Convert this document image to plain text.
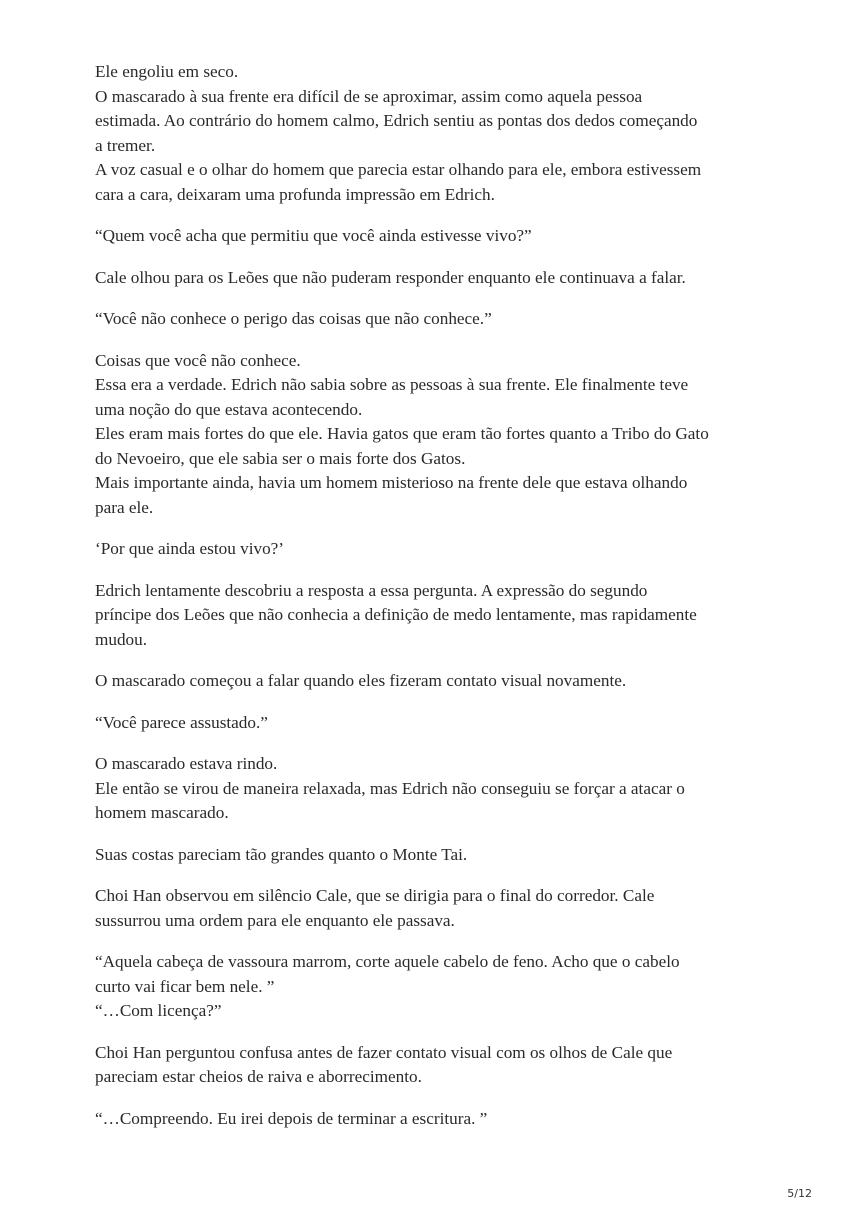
Ele engoliu em seco.
O mascarado à sua frente era difícil de se aproximar, assim como aquela pessoa
estimada. Ao contrário do homem calmo, Edrich sentiu as pontas dos dedos começando
a tremer.
A voz casual e o olhar do homem que parecia estar olhando para ele, embora estivessem
cara a cara, deixaram uma profunda impressão em Edrich.

“Quem você acha que permitiu que você ainda estivesse vivo?”

Cale olhou para os Leões que não puderam responder enquanto ele continuava a falar.

“Você não conhece o perigo das coisas que não conhece.”

Coisas que você não conhece.
Essa era a verdade. Edrich não sabia sobre as pessoas à sua frente. Ele finalmente teve
uma noção do que estava acontecendo.
Eles eram mais fortes do que ele. Havia gatos que eram tão fortes quanto a Tribo do Gato
do Nevoeiro, que ele sabia ser o mais forte dos Gatos.
Mais importante ainda, havia um homem misterioso na frente dele que estava olhando
para ele.

‘Por que ainda estou vivo?’

Edrich lentamente descobriu a resposta a essa pergunta. A expressão do segundo
príncipe dos Leões que não conhecia a definição de medo lentamente, mas rapidamente
mudou.

O mascarado começou a falar quando eles fizeram contato visual novamente.

“Você parece assustado.”

O mascarado estava rindo.
Ele então se virou de maneira relaxada, mas Edrich não conseguiu se forçar a atacar o
homem mascarado.

Suas costas pareciam tão grandes quanto o Monte Tai.

Choi Han observou em silêncio Cale, que se dirigia para o final do corredor. Cale
sussurrou uma ordem para ele enquanto ele passava.

“Aquela cabeça de vassoura marrom, corte aquele cabelo de feno. Acho que o cabelo
curto vai ficar bem nele. ”
“…Com licença?”

Choi Han perguntou confusa antes de fazer contato visual com os olhos de Cale que
pareciam estar cheios de raiva e aborrecimento.

“…Compreendo. Eu irei depois de terminar a escritura. ”

5/12
